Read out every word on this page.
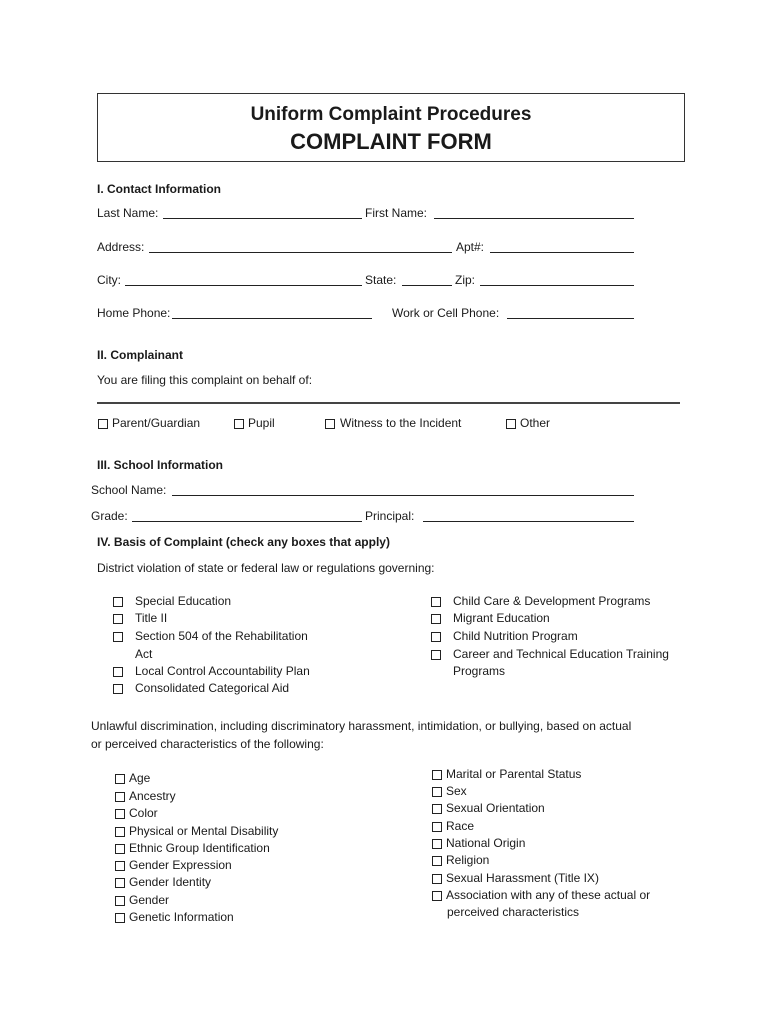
Uniform Complaint Procedures
COMPLAINT FORM
I. Contact Information
Last Name:	First Name:
Address:	Apt#:
City:	State:	Zip:
Home Phone:	Work or Cell Phone:
II. Complainant
You are filing this complaint on behalf of:
Parent/Guardian	Pupil	Witness to the Incident	Other
III. School Information
School Name:
Grade:	Principal:
IV. Basis of Complaint (check any boxes that apply)
District violation of state or federal law or regulations governing:
Special Education
Title II
Section 504 of the Rehabilitation
Act
Local Control Accountability Plan
Consolidated Categorical Aid
Child Care & Development Programs
Migrant Education
Child Nutrition Program
Career and Technical Education Training
Programs
Unlawful discrimination, including discriminatory harassment, intimidation, or bullying, based on actual
or perceived characteristics of the following:
Age
Ancestry
Color
Physical or Mental Disability
Ethnic Group Identification
Gender Expression
Gender Identity
Gender
Genetic Information
Marital or Parental Status
Sex
Sexual Orientation
Race
National Origin
Religion
Sexual Harassment (Title IX)
Association with any of these actual or
perceived characteristics
